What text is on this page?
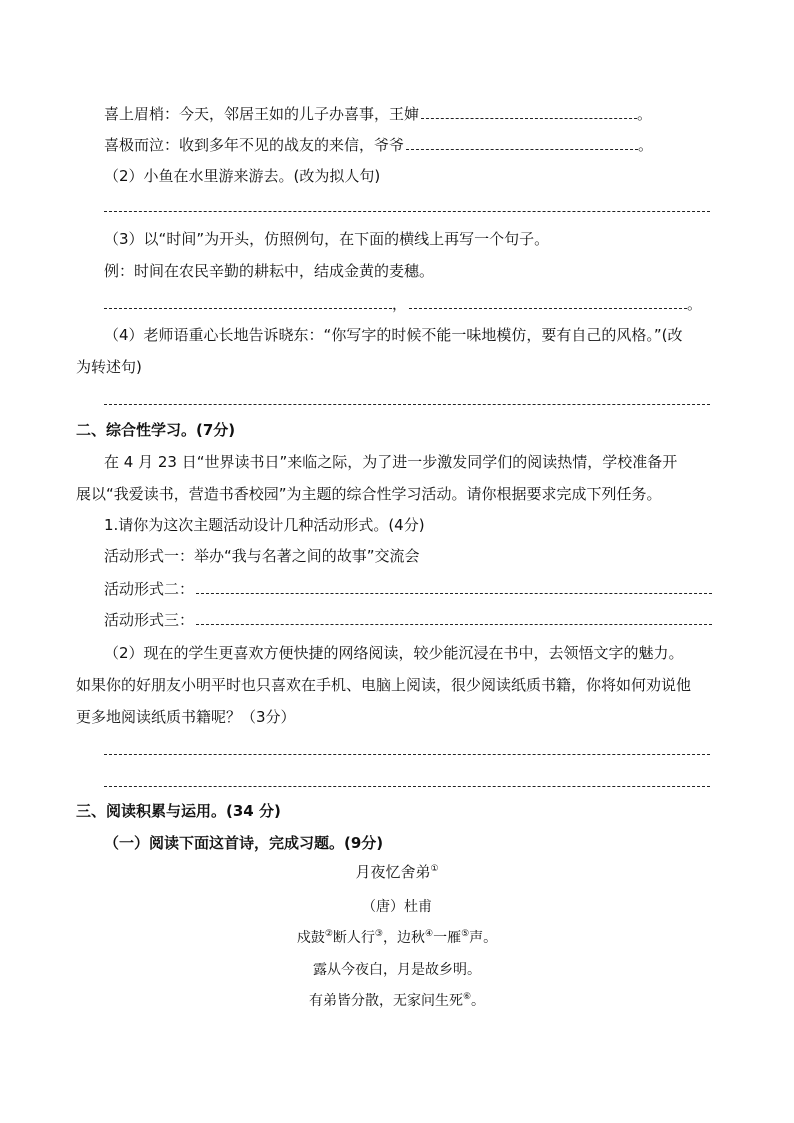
喜上眉梢：今天，邻居王如的儿子办喜事，王婶	。
喜极而泣：收到多年不见的战友的来信，爷爷	。
（2）小鱼在水里游来游去。(改为拟人句)
（3）以“时间”为开头，仿照例句，在下面的横线上再写一个句子。
例：时间在农民辛勤的耕耘中，结成金黄的麦穗。
，	。
（4）老师语重心长地告诉晓东：“你写字的时候不能一味地模仿，要有自己的风格。”(改
为转述句)
二、综合性学习。(7分)
在 4 月 23 日“世界读书日”来临之际，为了进一步激发同学们的阅读热情，学校准备开
展以“我爱读书，营造书香校园”为主题的综合性学习活动。请你根据要求完成下列任务。
1.请你为这次主题活动设计几种活动形式。(4分)
活动形式一：举办“我与名著之间的故事”交流会
活动形式二：
活动形式三：
（2）现在的学生更喜欢方便快捷的网络阅读，较少能沉浸在书中，去领悟文字的魅力。
如果你的好朋友小明平时也只喜欢在手机、电脑上阅读，很少阅读纸质书籍，你将如何劝说他
更多地阅读纸质书籍呢？（3分）
三、阅读积累与运用。(34 分)
（一）阅读下面这首诗，完成习题。(9分)
月夜忆舍弟①
（唐）杜甫
戍鼓②断人行③，边秋④一雁⑤声。
露从今夜白，月是故乡明。
有弟皆分散，无家问生死⑥。
